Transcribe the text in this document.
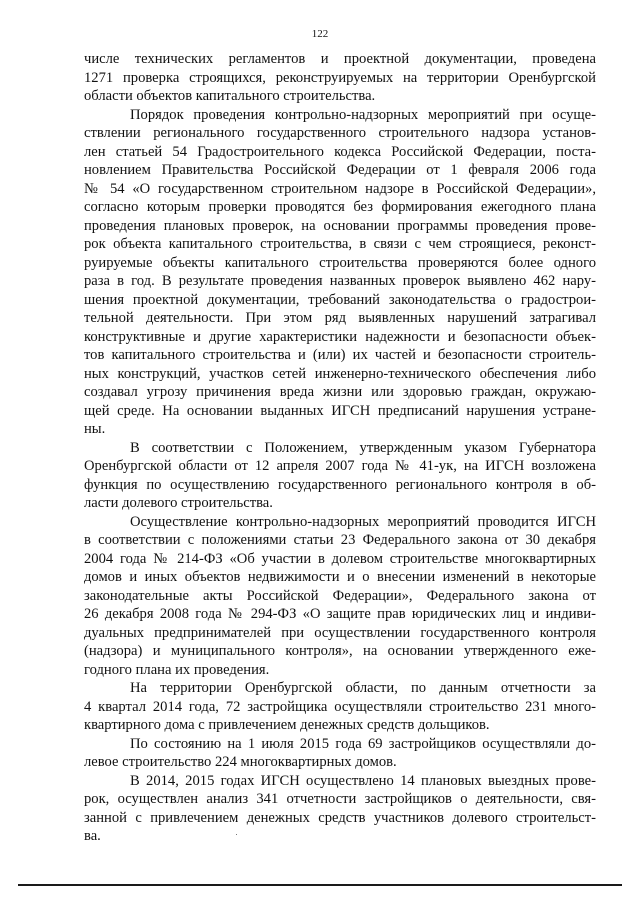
122
числе технических регламентов и проектной документации, проведена
1271 проверка строящихся, реконструируемых на территории Оренбургской
области объектов капитального строительства.
Порядок проведения контрольно-надзорных мероприятий при осуще-
ствлении регионального государственного строительного надзора установ-
лен статьей 54 Градостроительного кодекса Российской Федерации, поста-
новлением Правительства Российской Федерации от 1 февраля 2006 года
№ 54 «О государственном строительном надзоре в Российской Федерации»,
согласно которым проверки проводятся без формирования ежегодного плана
проведения плановых проверок, на основании программы проведения прове-
рок объекта капитального строительства, в связи с чем строящиеся, реконст-
руируемые объекты капитального строительства проверяются более одного
раза в год. В результате проведения названных проверок выявлено 462 нару-
шения проектной документации, требований законодательства о градострои-
тельной деятельности. При этом ряд выявленных нарушений затрагивал
конструктивные и другие характеристики надежности и безопасности объек-
тов капитального строительства и (или) их частей и безопасности строитель-
ных конструкций, участков сетей инженерно-технического обеспечения либо
создавал угрозу причинения вреда жизни или здоровью граждан, окружаю-
щей среде. На основании выданных ИГСН предписаний нарушения устране-
ны.
В соответствии с Положением, утвержденным указом Губернатора
Оренбургской области от 12 апреля 2007 года № 41-ук, на ИГСН возложена
функция по осуществлению государственного регионального контроля в об-
ласти долевого строительства.
Осуществление контрольно-надзорных мероприятий проводится ИГСН
в соответствии с положениями статьи 23 Федерального закона от 30 декабря
2004 года № 214-ФЗ «Об участии в долевом строительстве многоквартирных
домов и иных объектов недвижимости и о внесении изменений в некоторые
законодательные акты Российской Федерации», Федерального закона от
26 декабря 2008 года № 294-ФЗ «О защите прав юридических лиц и индиви-
дуальных предпринимателей при осуществлении государственного контроля
(надзора) и муниципального контроля», на основании утвержденного еже-
годного плана их проведения.
На территории Оренбургской области, по данным отчетности за
4 квартал 2014 года, 72 застройщика осуществляли строительство 231 много-
квартирного дома с привлечением денежных средств дольщиков.
По состоянию на 1 июля 2015 года 69 застройщиков осуществляли до-
левое строительство 224 многоквартирных домов.
В 2014, 2015 годах ИГСН осуществлено 14 плановых выездных прове-
рок, осуществлен анализ 341 отчетности застройщиков о деятельности, свя-
занной с привлечением денежных средств участников долевого строительст-
ва.
